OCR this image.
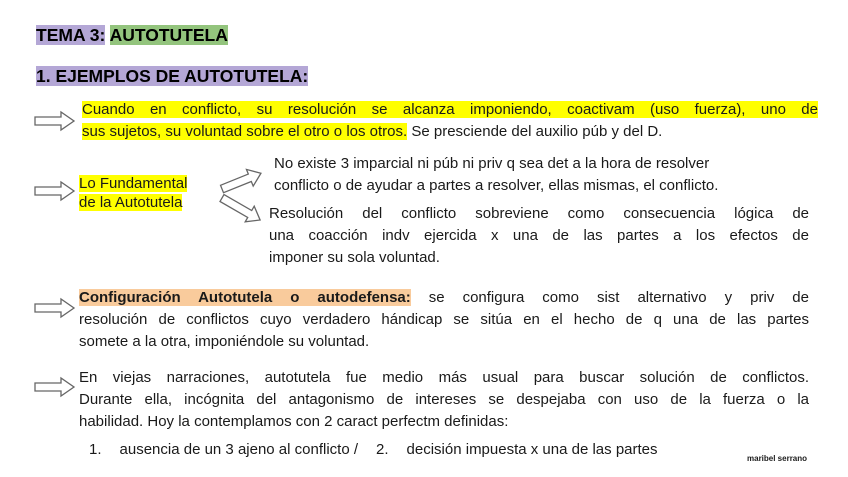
TEMA 3: AUTOTUTELA
1. EJEMPLOS DE AUTOTUTELA:
Cuando en conflicto, su resolución se alcanza imponiendo, coactivam (uso fuerza), uno de
sus sujetos, su voluntad sobre el otro o los otros. Se presciende del auxilio púb y del D.
Lo Fundamental
de la Autotutela
No existe 3 imparcial ni púb ni priv q sea det a la hora de resolver
conflicto o de ayudar a partes a resolver, ellas mismas, el conflicto.
Resolución del conflicto sobreviene como consecuencia lógica de
una coacción indv ejercida x una de las partes a los efectos de
imponer su sola voluntad.
Configuración Autotutela o autodefensa: se configura como sist alternativo y priv de
resolución de conflictos cuyo verdadero hándicap se sitúa en el hecho de q una de las partes
somete a la otra, imponiéndole su voluntad.
En viejas narraciones, autotutela fue medio más usual para buscar solución de conflictos.
Durante ella, incógnita del antagonismo de intereses se despejaba con uso de la fuerza o la
habilidad. Hoy la contemplamos con 2 caract perfectm definidas:
1. ausencia de un 3 ajeno al conflicto / 2. decisión impuesta x una de las partes
maribel serrano
